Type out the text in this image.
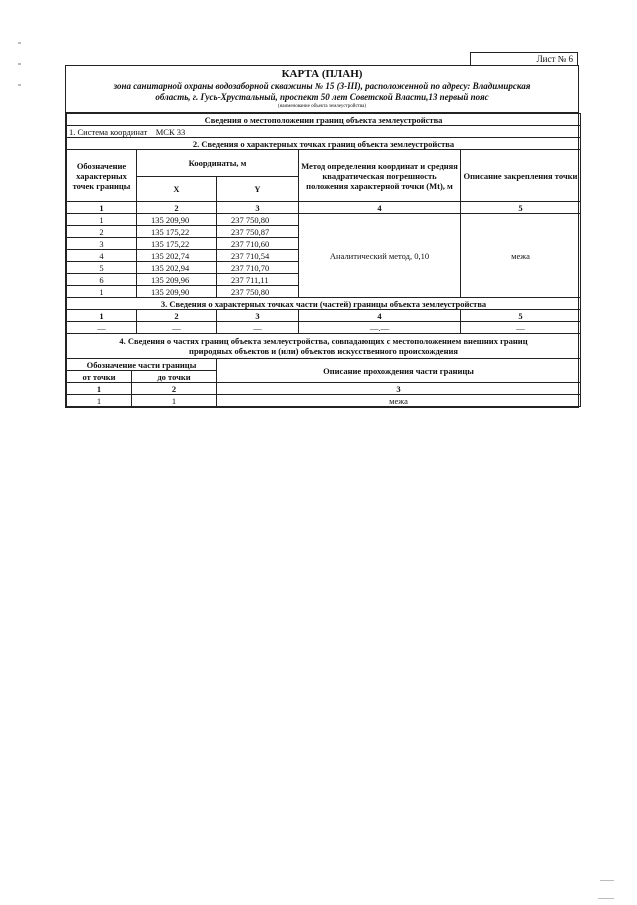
Лист № 6
КАРТА (ПЛАН)
зона санитарной охраны водозаборной скважины № 15 (3-III), расположенной по адресу: Владимирская
область, г. Гусь-Хрустальный, проспект 50 лет Советской Власти,13 первый пояс
(наименование объекта землеустройства)
Сведения о местоположении границ объекта землеустройства				
1. Система координат МСК 33				
2. Сведения о характерных точках границ объекта землеустройства				
Обозначение характерных точек границы	Координаты, м		Метод определения координат и средняя квадратическая погрешность положения характерной точки (Mt), м	Описание закрепления точки
	X	Y		
1	2	3	4	5
1	135 209,90	237 750,80	Аналитический метод, 0,10	межа
2	135 175,22	237 750,87		
3	135 175,22	237 710,60		
4	135 202,74	237 710,54		
5	135 202,94	237 710,70		
6	135 209,96	237 711,11		
1	135 209,90	237 750,80		
3. Сведения о характерных точках части (частей) границы объекта землеустройства				
1	2	3	4	5
—	—	—	—.—	—

4. Сведения о частях границ объекта землеустройства, совпадающих с местоположением внешних границ
природных объектов и (или) объектов искусственного происхождения				
Обозначение части границы		Описание прохождения части границы
от точки	до точки	
1	2	3
1	1	межа
